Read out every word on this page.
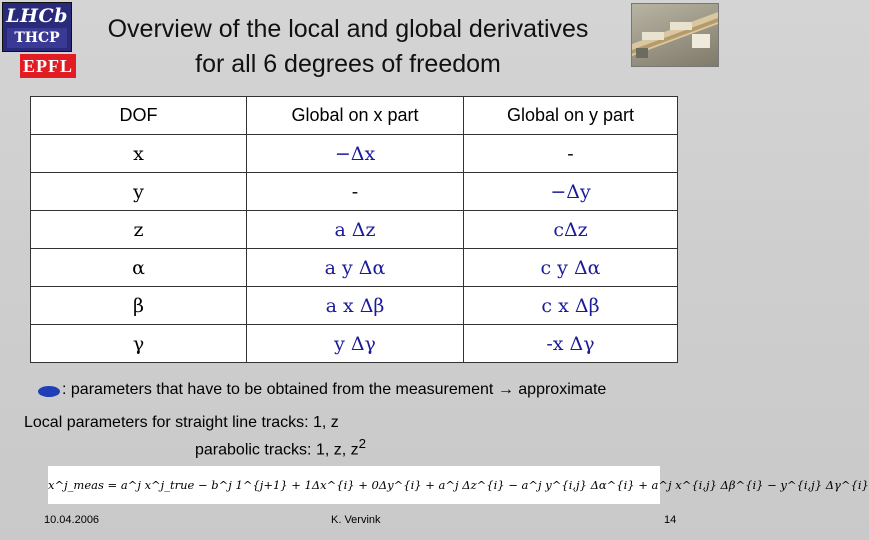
LHCb
THCP
EPFL
Overview of the local and global derivatives
for all 6 degrees of freedom
DOF	Global on x part	Global on y part
x	−Δx	-
y	-	−Δy
z	a Δz	cΔz
α	a y Δα	c y Δα
β	a x Δβ	c x Δβ
γ	y Δγ	-x Δγ
: parameters that have to be obtained from the measurement → approximate
Local parameters for straight line tracks: 1, z
parabolic tracks: 1, z, $z^2$
x^j_meas = a^j x^j_true − b^j 1^{j+1} + 1Δx^{i} + 0Δy^{i} + a^j Δz^{i} − a^j y^{i,j} Δα^{i} + a^j x^{i,j} Δβ^{i} − y^{i,j} Δγ^{i}
10.04.2006	K. Vervink	14
